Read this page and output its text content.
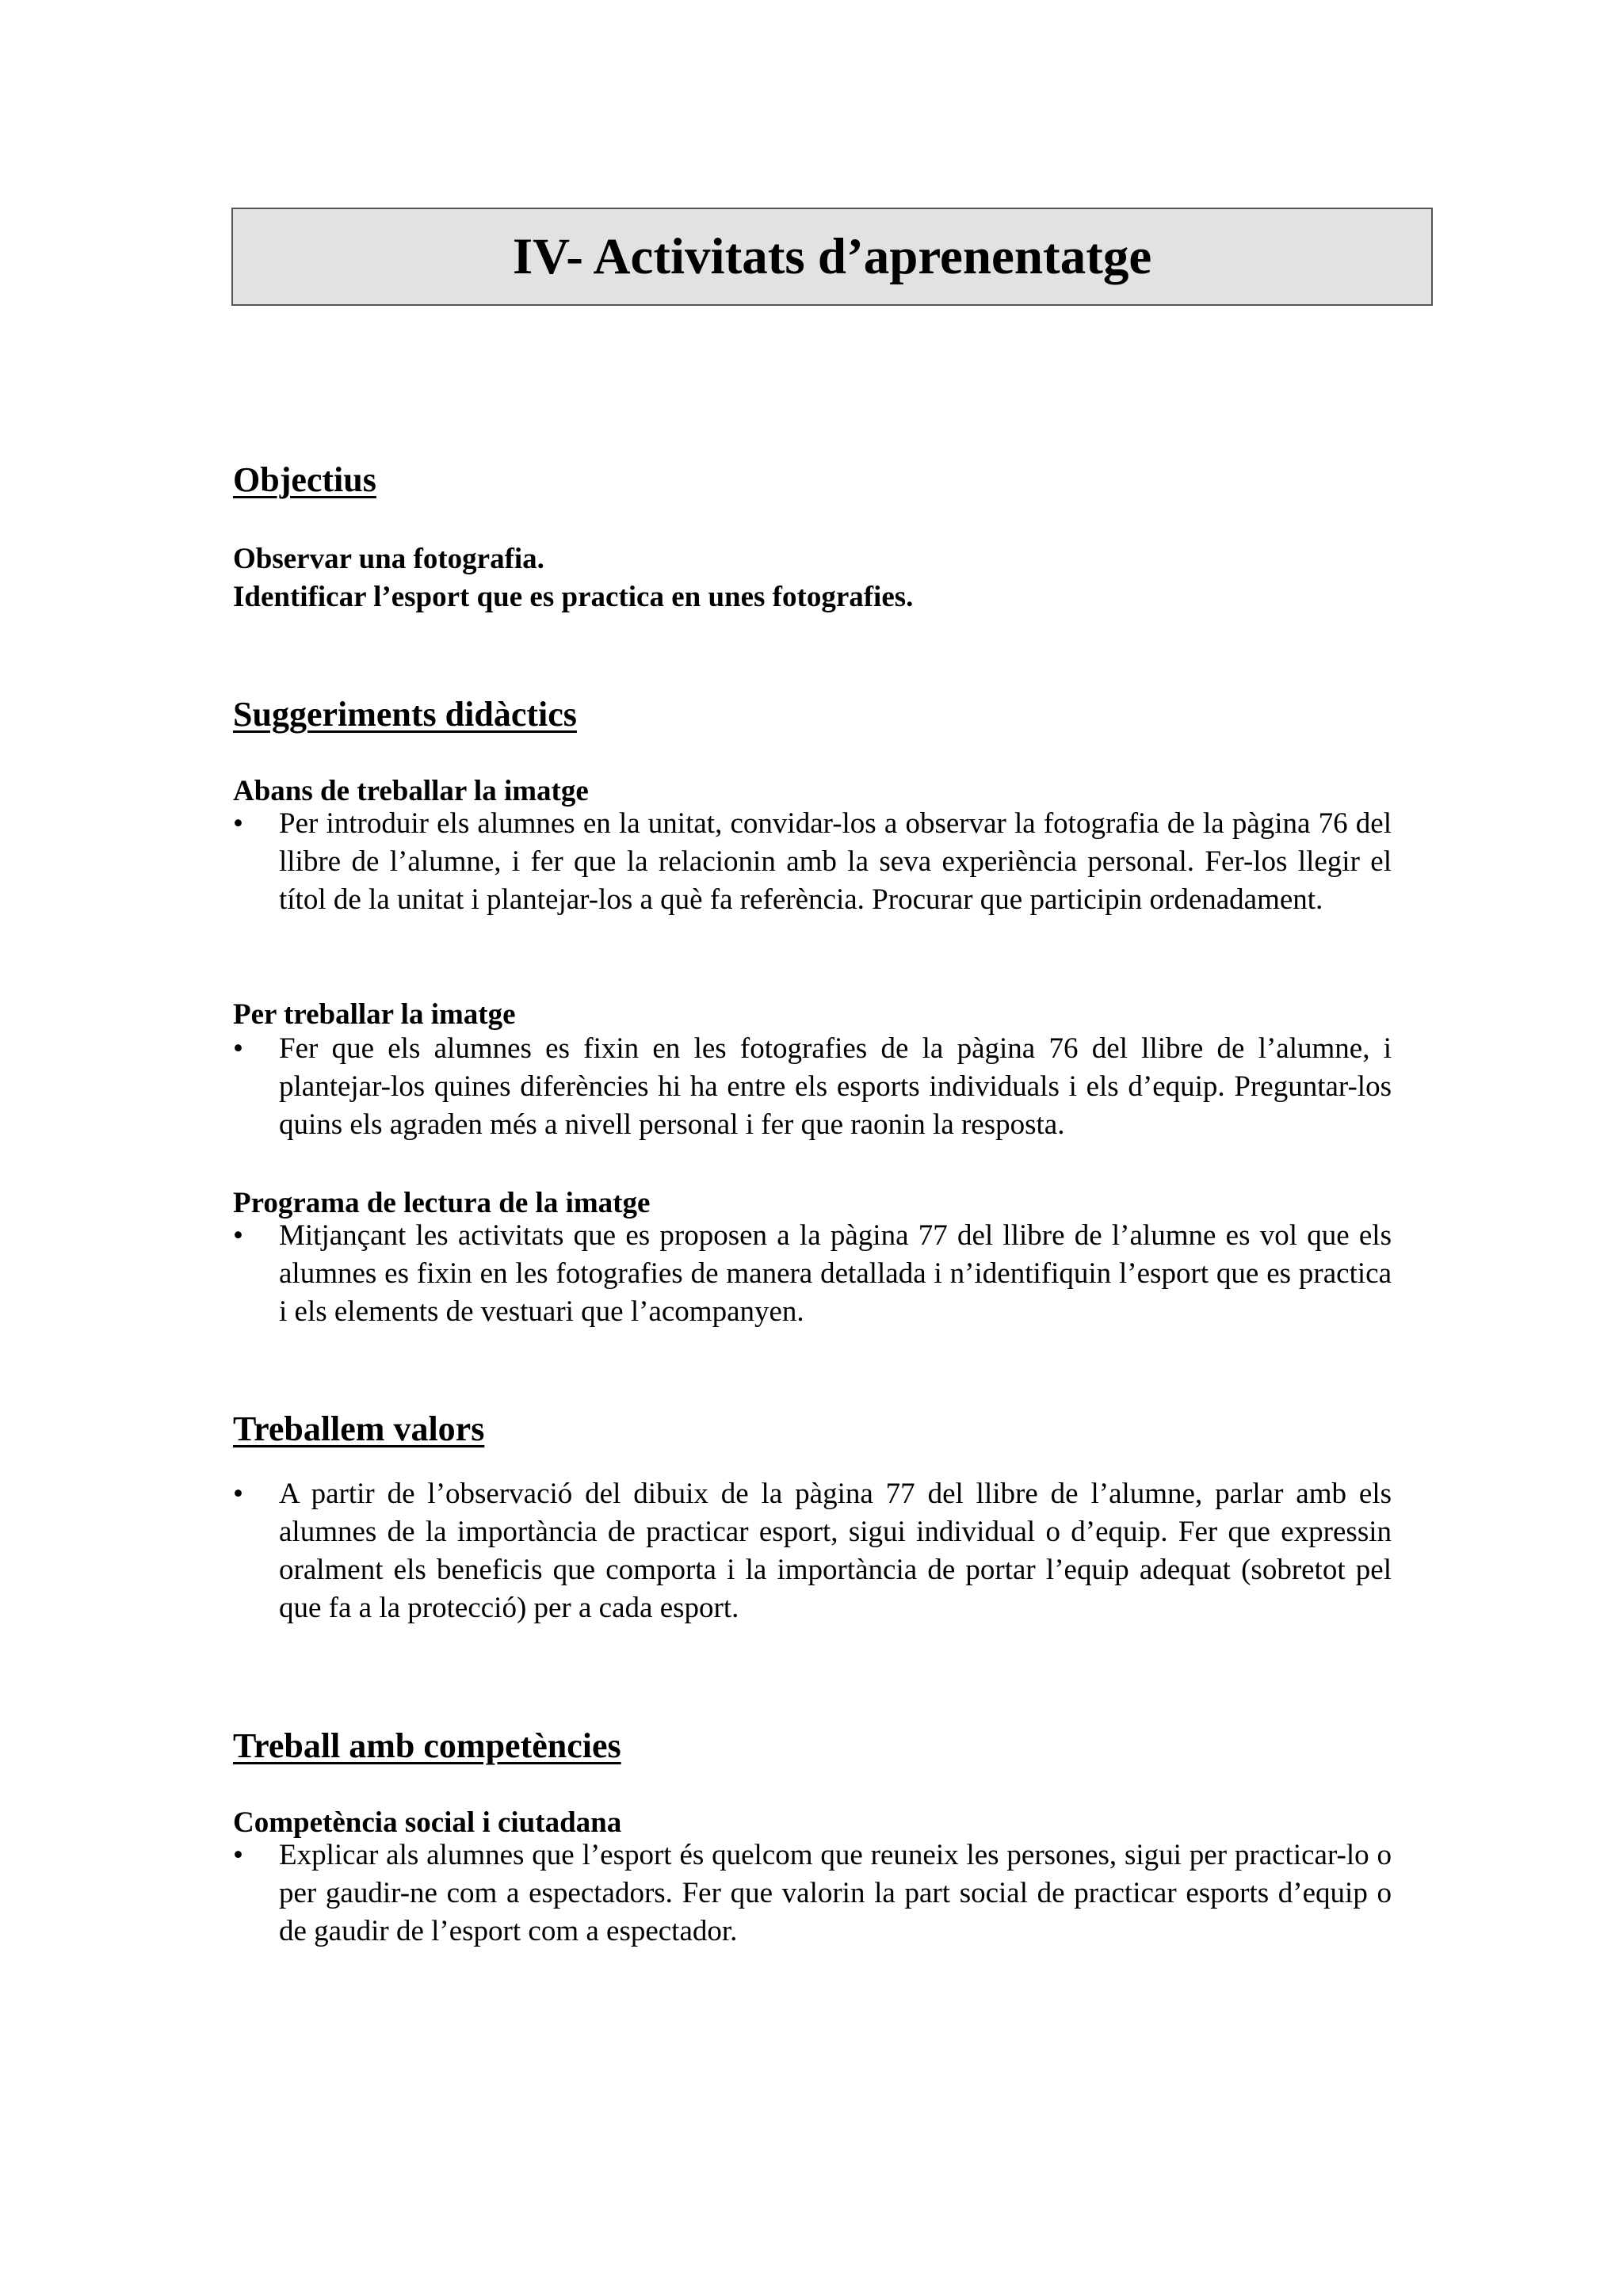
IV- Activitats d’aprenentatge
Objectius

Observar una fotografia.

Identificar l’esport que es practica en unes fotografies.

Suggeriments didàctics

Abans de treballar la imatge

•	Per introduir els alumnes en la unitat, convidar-los a observar la fotografia de la pàgina 76 del llibre de l’alumne, i fer que la relacionin amb la seva experiència personal. Fer-los llegir el títol de la unitat i plantejar-los a què fa referència. Procurar que participin ordenadament.

Per treballar la imatge

•	Fer que els alumnes es fixin en les fotografies de la pàgina 76 del llibre de l’alumne, i plantejar-los quines diferències hi ha entre els esports individuals i els d’equip. Preguntar-los quins els agraden més a nivell personal i fer que raonin la resposta.

Programa de lectura de la imatge

•	Mitjançant les activitats que es proposen a la pàgina 77 del llibre de l’alumne es vol que els alumnes es fixin en les fotografies de manera detallada i n’identifiquin l’esport que es practica i els elements de vestuari que l’acompanyen.
Treballem valors
•	A partir de l’observació del dibuix de la pàgina 77 del llibre de l’alumne, parlar amb els alumnes de la importància de practicar esport, sigui individual o d’equip. Fer que expressin oralment els beneficis que comporta i la importància de portar l’equip adequat (sobretot pel que fa a la protecció) per a cada esport.
Treball amb competències

Competència social i ciutadana

•	Explicar als alumnes que l’esport és quelcom que reuneix les persones, sigui per practicar-lo o per gaudir-ne com a espectadors. Fer que valorin la part social de practicar esports d’equip o de gaudir de l’esport com a espectador.
